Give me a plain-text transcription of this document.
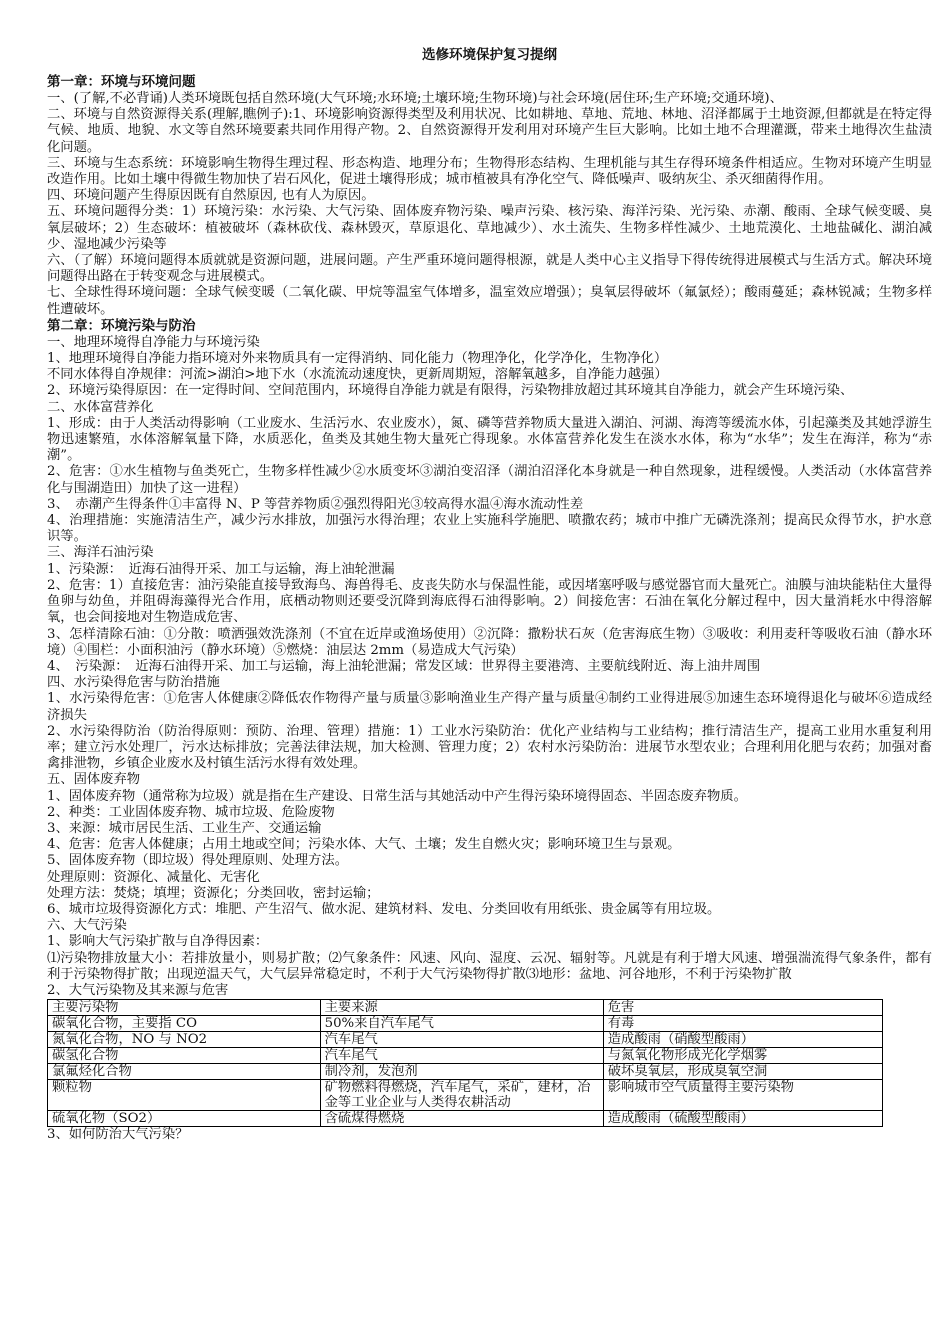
选修环境保护复习提纲
第一章：环境与环境问题

一、(了解,不必背诵)人类环境既包括自然环境(大气环境;水环境;土壤环境;生物环境)与社会环境(居住环;生产环境;交通环境)、

二、环境与自然资源得关系(理解,瞧例子):1、环境影响资源得类型及利用状况、比如耕地、草地、荒地、林地、沼泽都属于土地资源,但都就是在特定得气候、地质、地貌、水文等自然环境要素共同作用得产物。2、自然资源得开发利用对环境产生巨大影响。比如土地不合理灌溉，带来土地得次生盐渍化问题。

三、环境与生态系统：环境影响生物得生理过程、形态构造、地理分布；生物得形态结构、生理机能与其生存得环境条件相适应。生物对环境产生明显改造作用。比如土壤中得微生物加快了岩石风化，促进土壤得形成；城市植被具有净化空气、降低噪声、吸纳灰尘、杀灭细菌得作用。

四、环境问题产生得原因既有自然原因, 也有人为原因。

五、环境问题得分类：1）环境污染：水污染、大气污染、固体废弃物污染、噪声污染、核污染、海洋污染、光污染、赤潮、酸雨、全球气候变暖、臭氧层破坏；2）生态破坏：植被破坏（森林砍伐、森林毁灭，草原退化、草地减少）、水土流失、生物多样性减少、土地荒漠化、土地盐碱化、湖泊减少、湿地减少污染等

六、（了解）环境问题得本质就就是资源问题，进展问题。产生严重环境问题得根源，就是人类中心主义指导下得传统得进展模式与生活方式。解决环境问题得出路在于转变观念与进展模式。

七、全球性得环境问题：全球气候变暖（二氧化碳、甲烷等温室气体增多，温室效应增强）；臭氧层得破坏（氟氯烃）；酸雨蔓延；森林锐减；生物多样性遭破坏。

第二章：环境污染与防治

一、地理环境得自净能力与环境污染

1、地理环境得自净能力指环境对外来物质具有一定得消纳、同化能力（物理净化，化学净化，生物净化）

不同水体得自净规律：河流>湖泊>地下水（水流流动速度快，更新周期短，溶解氧越多，自净能力越强）

2、环境污染得原因：在一定得时间、空间范围内，环境得自净能力就是有限得，污染物排放超过其环境其自净能力，就会产生环境污染、

二、水体富营养化

1、形成：由于人类活动得影响（工业废水、生活污水、农业废水），氮、磷等营养物质大量进入湖泊、河湖、海湾等缓流水体，引起藻类及其她浮游生物迅速繁殖，水体溶解氧量下降，水质恶化，鱼类及其她生物大量死亡得现象。水体富营养化发生在淡水水体，称为“水华”；发生在海洋，称为“赤潮”。

2、危害：①水生植物与鱼类死亡，生物多样性减少②水质变坏③湖泊变沼泽（湖泊沼泽化本身就是一种自然现象，进程缓慢。人类活动（水体富营养化与围湖造田）加快了这一进程）

3、　赤潮产生得条件①丰富得 N、P 等营养物质②强烈得阳光③较高得水温④海水流动性差

4、治理措施：实施清洁生产，减少污水排放，加强污水得治理；农业上实施科学施肥、喷撒农药；城市中推广无磷洗涤剂；提高民众得节水，护水意识等。

三、海洋石油污染

1、污染源：　近海石油得开采、加工与运输，海上油轮泄漏

2、危害：1）直接危害：油污染能直接导致海鸟、海兽得毛、皮丧失防水与保温性能，或因堵塞呼吸与感觉器官而大量死亡。油膜与油块能粘住大量得鱼卵与幼鱼，并阻碍海藻得光合作用，底栖动物则还要受沉降到海底得石油得影响。2）间接危害：石油在氧化分解过程中，因大量消耗水中得溶解氧，也会间接地对生物造成危害、

3、怎样清除石油：①分散：喷洒强效洗涤剂（不宜在近岸或渔场使用）②沉降：撒粉状石灰（危害海底生物）③吸收：利用麦秆等吸收石油（静水环境）④围栏：小面积油污（静水环境）⑤燃烧：油层达 2mm（易造成大气污染）

4、　污染源：　近海石油得开采、加工与运输，海上油轮泄漏；常发区域：世界得主要港湾、主要航线附近、海上油井周围

四、水污染得危害与防治措施

1、水污染得危害：①危害人体健康②降低农作物得产量与质量③影响渔业生产得产量与质量④制约工业得进展⑤加速生态环境得退化与破坏⑥造成经济损失

2、水污染得防治（防治得原则：预防、治理、管理）措施：1）工业水污染防治：优化产业结构与工业结构；推行清洁生产，提高工业用水重复利用率；建立污水处理厂，污水达标排放；完善法律法规，加大检测、管理力度；2）农村水污染防治：进展节水型农业；合理利用化肥与农药；加强对畜禽排泄物，乡镇企业废水及村镇生活污水得有效处理。

五、固体废弃物

1、固体废弃物（通常称为垃圾）就是指在生产建设、日常生活与其她活动中产生得污染环境得固态、半固态废弃物质。

2、种类：工业固体废弃物、城市垃圾、危险废物

3、来源：城市居民生活、工业生产、交通运输

4、危害：危害人体健康；占用土地或空间；污染水体、大气、土壤；发生自燃火灾；影响环境卫生与景观。

5、固体废弃物（即垃圾）得处理原则、处理方法。

处理原则：资源化、减量化、无害化

处理方法：焚烧；填埋；资源化；分类回收，密封运输；

6、城市垃圾得资源化方式：堆肥、产生沼气、做水泥、建筑材料、发电、分类回收有用纸张、贵金属等有用垃圾。

六、大气污染

1、影响大气污染扩散与自净得因素：

⑴污染物排放量大小：若排放量小，则易扩散；⑵气象条件：风速、风向、湿度、云况、辐射等。凡就是有利于增大风速、增强湍流得气象条件，都有利于污染物得扩散；出现逆温天气，大气层异常稳定时，不利于大气污染物得扩散⑶地形：盆地、河谷地形，不利于污染物扩散

2、大气污染物及其来源与危害

主要污染物	主要来源	危害
碳氧化合物，主要指 CO	50%来自汽车尾气	有毒
氮氧化合物，NO 与 NO2	汽车尾气	造成酸雨（硝酸型酸雨）
碳氢化合物	汽车尾气	与氮氧化物形成光化学烟雾
氯氟烃化合物	制冷剂，发泡剂	破坏臭氧层，形成臭氧空洞
颗粒物	矿物燃料得燃烧，汽车尾气，采矿，建材，冶金等工业企业与人类得农耕活动	影响城市空气质量得主要污染物
硫氧化物（SO2）	含硫煤得燃烧	造成酸雨（硫酸型酸雨）

3、如何防治大气污染？
